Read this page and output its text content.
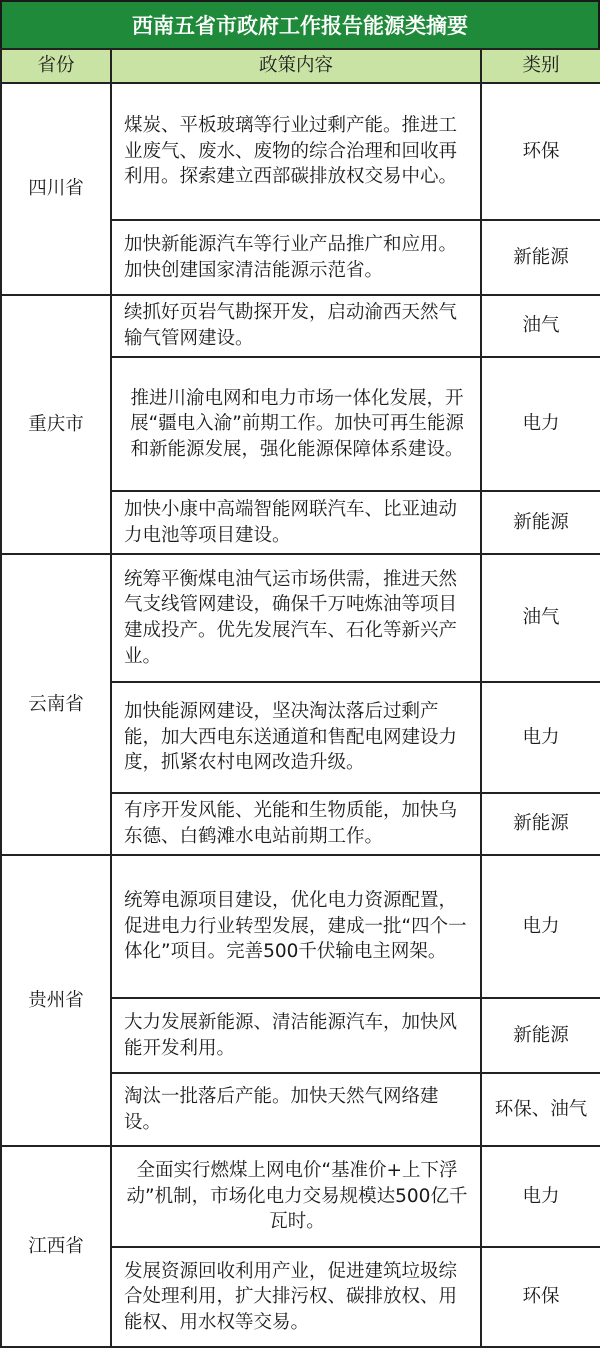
西南五省市政府工作报告能源类摘要
省份	政策内容	类别
四川省	煤炭、平板玻璃等行业过剩产能。推进工业废气、废水、废物的综合治理和回收再利用。探索建立西部碳排放权交易中心。	环保
	加快新能源汽车等行业产品推广和应用。加快创建国家清洁能源示范省。	新能源
重庆市	续抓好页岩气勘探开发，启动渝西天然气输气管网建设。	油气
	推进川渝电网和电力市场一体化发展，开展“疆电入渝”前期工作。加快可再生能源和新能源发展，强化能源保障体系建设。	电力
	加快小康中高端智能网联汽车、比亚迪动力电池等项目建设。	新能源
云南省	统筹平衡煤电油气运市场供需，推进天然气支线管网建设，确保千万吨炼油等项目建成投产。优先发展汽车、石化等新兴产业。	油气
	加快能源网建设，坚决淘汰落后过剩产能，加大西电东送通道和售配电网建设力度，抓紧农村电网改造升级。	电力
	有序开发风能、光能和生物质能，加快乌东德、白鹤滩水电站前期工作。	新能源
贵州省	统筹电源项目建设，优化电力资源配置，促进电力行业转型发展，建成一批“四个一体化”项目。完善500千伏输电主网架。	电力
	大力发展新能源、清洁能源汽车，加快风能开发利用。	新能源
	淘汰一批落后产能。加快天然气网络建设。	环保、油气
江西省	全面实行燃煤上网电价“基准价+上下浮动”机制，市场化电力交易规模达500亿千瓦时。	电力
	发展资源回收利用产业，促进建筑垃圾综合处理利用，扩大排污权、碳排放权、用能权、用水权等交易。	环保
